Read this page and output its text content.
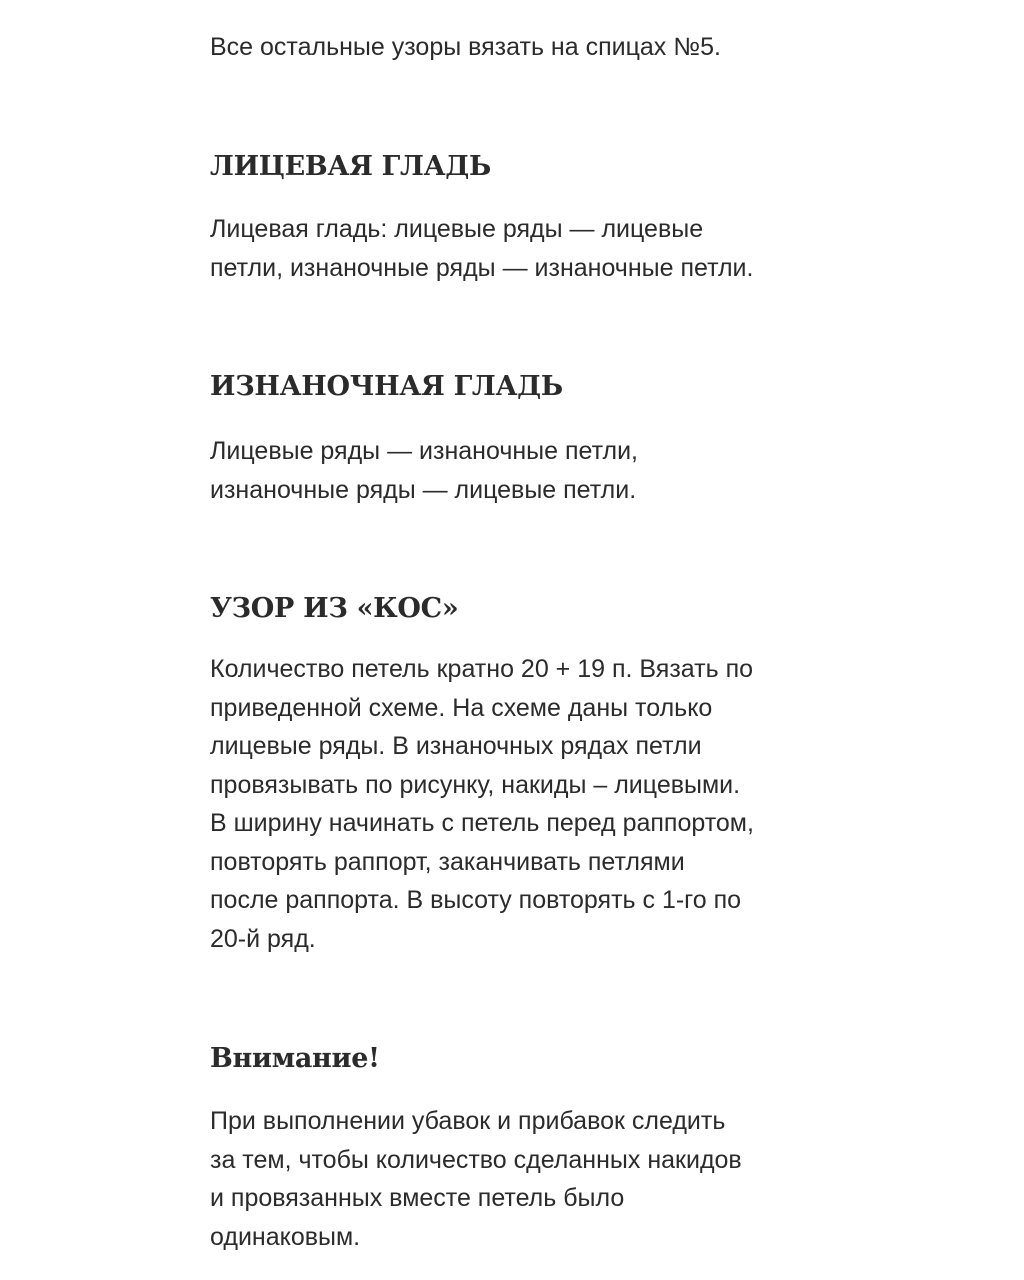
Все остальные узоры вязать на спицах №5.

ЛИЦЕВАЯ ГЛАДЬ

Лицевая гладь: лицевые ряды — лицевые

петли, изнаночные ряды — изнаночные петли.

ИЗНАНОЧНАЯ ГЛАДЬ

Лицевые ряды — изнаночные петли,

изнаночные ряды — лицевые петли.

УЗОР ИЗ «КОС»

Количество петель кратно 20 + 19 п. Вязать по

приведенной схеме. На схеме даны только

лицевые ряды. В изнаночных рядах петли

провязывать по рисунку, накиды – лицевыми.

В ширину начинать с петель перед раппортом,

повторять раппорт, заканчивать петлями

после раппорта. В высоту повторять с 1-го по

20-й ряд.

Внимание!

При выполнении убавок и прибавок следить

за тем, чтобы количество сделанных накидов

и провязанных вместе петель было

одинаковым.
